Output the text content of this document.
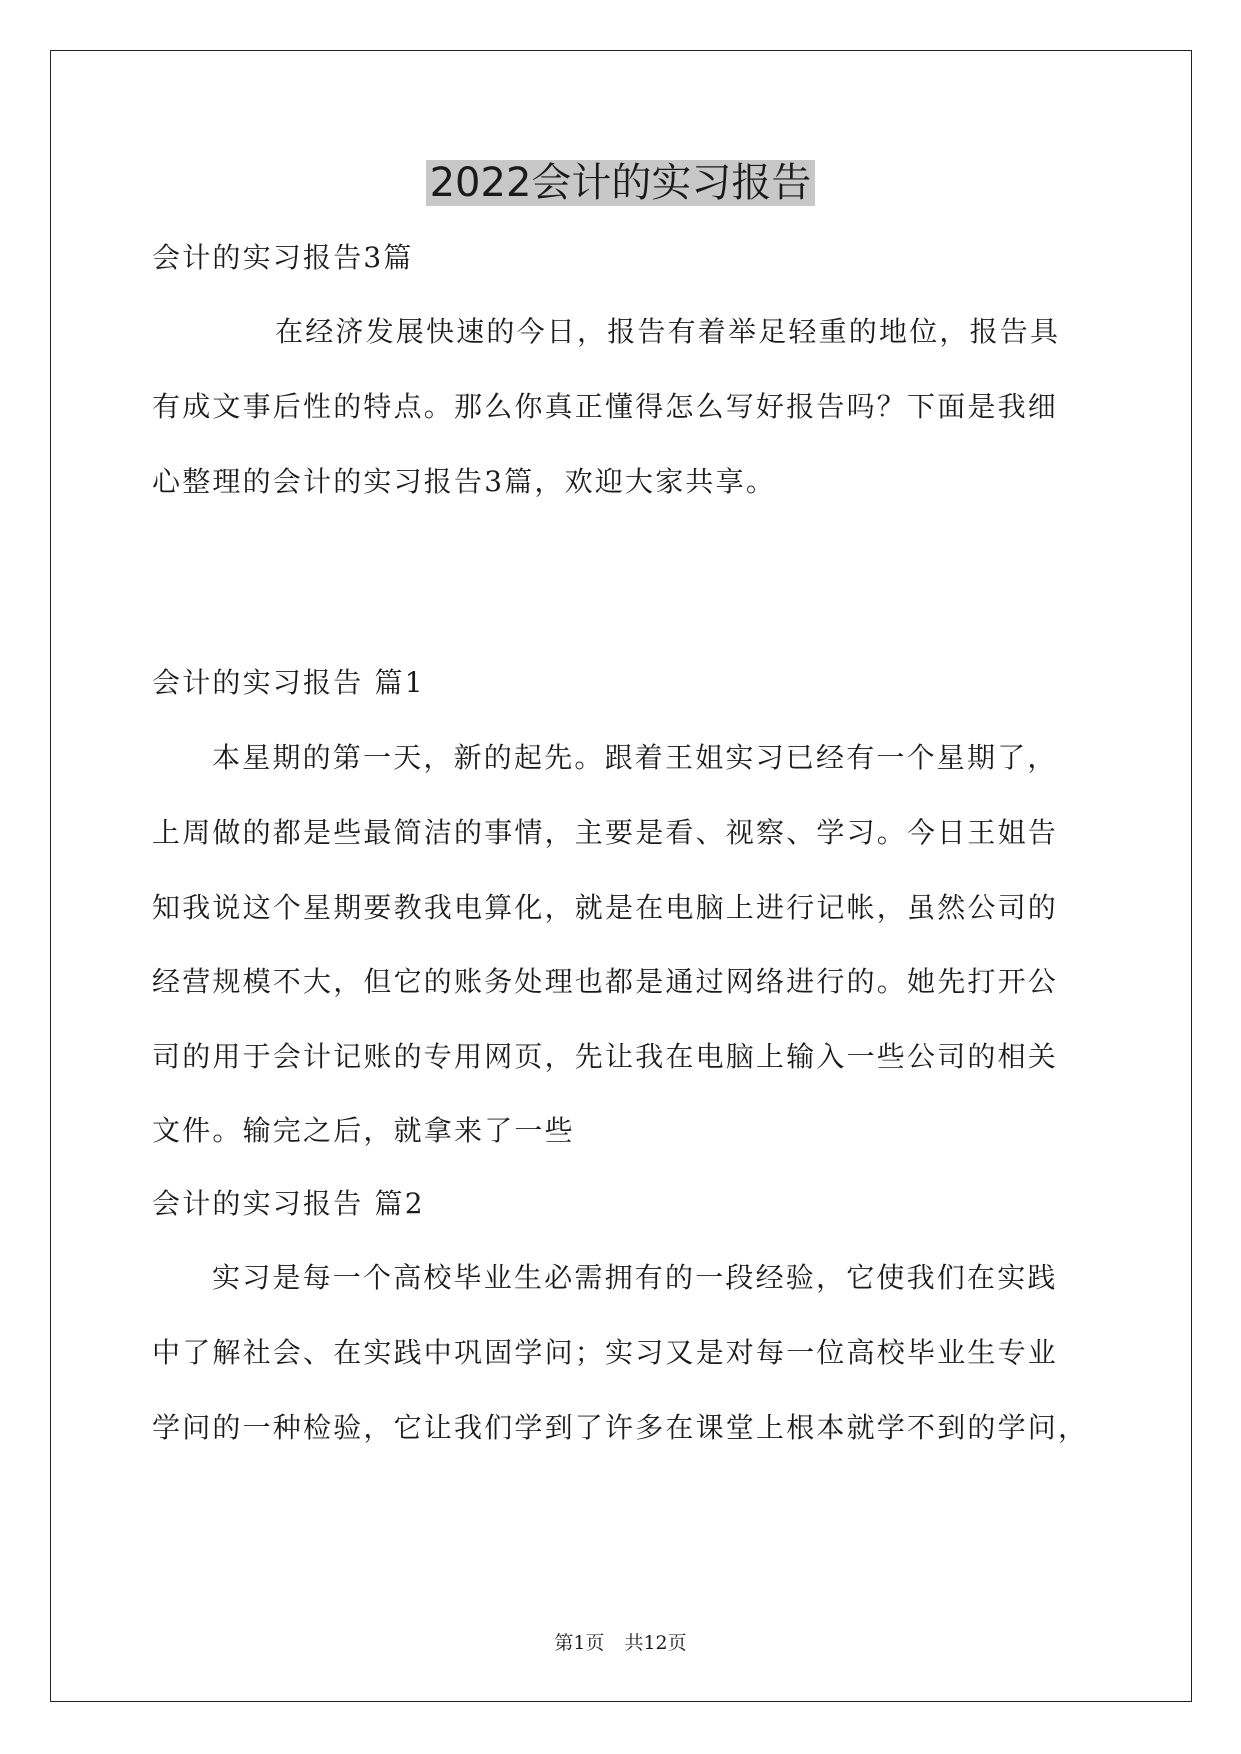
2022会计的实习报告

会计的实习报告3篇

在经济发展快速的今日，报告有着举足轻重的地位，报告具

有成文事后性的特点。那么你真正懂得怎么写好报告吗？下面是我细

心整理的会计的实习报告3篇，欢迎大家共享。

会计的实习报告 篇1

本星期的第一天，新的起先。跟着王姐实习已经有一个星期了，

上周做的都是些最简洁的事情，主要是看、视察、学习。今日王姐告

知我说这个星期要教我电算化，就是在电脑上进行记帐，虽然公司的

经营规模不大，但它的账务处理也都是通过网络进行的。她先打开公

司的用于会计记账的专用网页，先让我在电脑上输入一些公司的相关

文件。输完之后，就拿来了一些

会计的实习报告 篇2

实习是每一个高校毕业生必需拥有的一段经验，它使我们在实践

中了解社会、在实践中巩固学问；实习又是对每一位高校毕业生专业

学问的一种检验，它让我们学到了许多在课堂上根本就学不到的学问，

第1页 共12页
